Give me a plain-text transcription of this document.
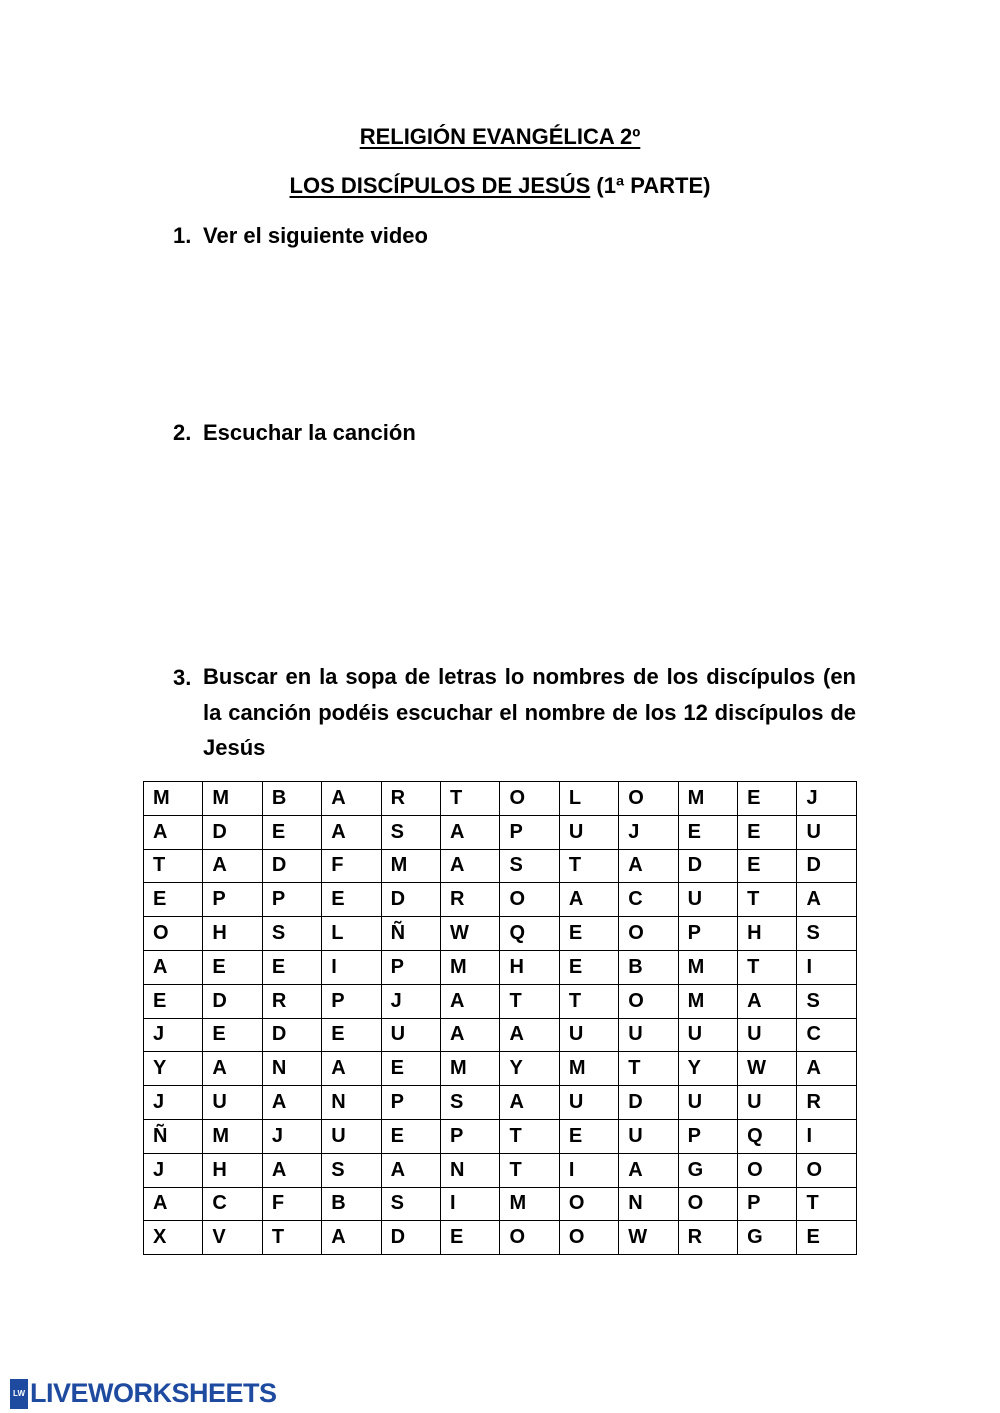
RELIGIÓN EVANGÉLICA 2º
LOS DISCÍPULOS DE JESÚS (1ª PARTE)
1. Ver el siguiente video
2. Escuchar la canción
3. Buscar en la sopa de letras lo nombres de los discípulos (en la canción podéis escuchar el nombre de los 12 discípulos de Jesús
M	M	B	A	R	T	O	L	O	M	E	J
A	D	E	A	S	A	P	U	J	E	E	U
T	A	D	F	M	A	S	T	A	D	E	D
E	P	P	E	D	R	O	A	C	U	T	A
O	H	S	L	Ñ	W	Q	E	O	P	H	S
A	E	E	I	P	M	H	E	B	M	T	I
E	D	R	P	J	A	T	T	O	M	A	S
J	E	D	E	U	A	A	U	U	U	U	C
Y	A	N	A	E	M	Y	M	T	Y	W	A
J	U	A	N	P	S	A	U	D	U	U	R
Ñ	M	J	U	E	P	T	E	U	P	Q	I
J	H	A	S	A	N	T	I	A	G	O	O
A	C	F	B	S	I	M	O	N	O	P	T
X	V	T	A	D	E	O	O	W	R	G	E
LW LIVEWORKSHEETS
